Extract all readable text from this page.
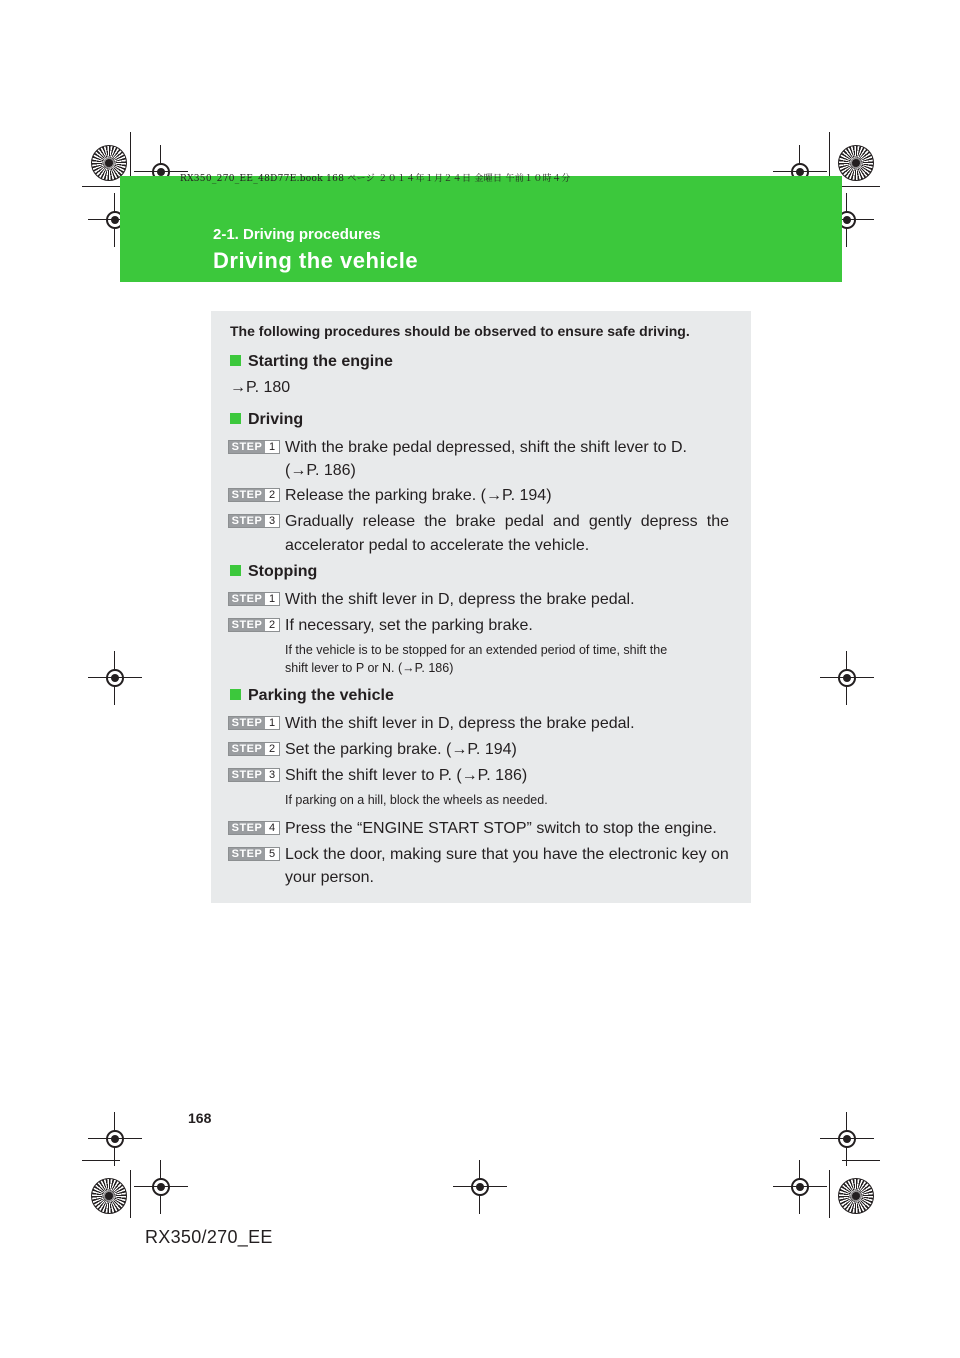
RX350_270_EE_48D77E.book 168 ページ ２０１４年１月２４日 金曜日 午前１０時４分
2-1. Driving procedures
Driving the vehicle
The following procedures should be observed to ensure safe driving.
Starting the engine
→P. 180
Driving
STEP 1 With the brake pedal depressed, shift the shift lever to D.
(→P. 186)
STEP 2 Release the parking brake. (→P. 194)
STEP 3 Gradually release the brake pedal and gently depress the
accelerator pedal to accelerate the vehicle.
Stopping
STEP 1 With the shift lever in D, depress the brake pedal.
STEP 2 If necessary, set the parking brake.
If the vehicle is to be stopped for an extended period of time, shift the
shift lever to P or N. (→P. 186)
Parking the vehicle
STEP 1 With the shift lever in D, depress the brake pedal.
STEP 2 Set the parking brake. (→P. 194)
STEP 3 Shift the shift lever to P. (→P. 186)
If parking on a hill, block the wheels as needed.
STEP 4 Press the “ENGINE START STOP” switch to stop the engine.
STEP 5 Lock the door, making sure that you have the electronic key on
your person.
168
RX350/270_EE
